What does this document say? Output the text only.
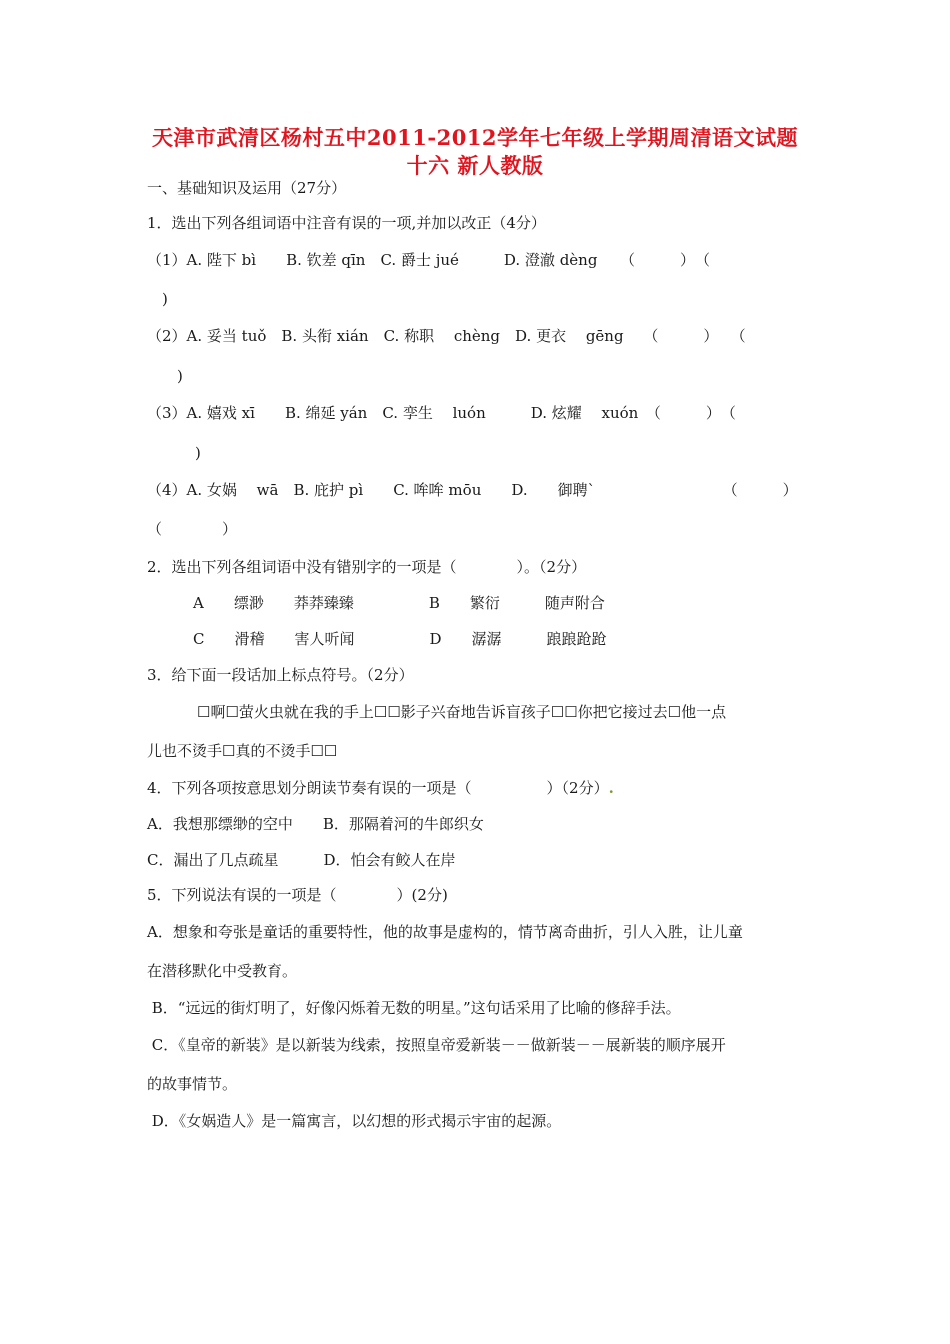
天津市武清区杨村五中2011-2012学年七年级上学期周清语文试题
十六 新人教版
一、基础知识及运用（27分）
1．选出下列各组词语中注音有误的一项,并加以改正（4分）
（1）A. 陛下 bì　　B. 钦差 qīn　C. 爵士 jué　　　D. 澄澈 dèng　　（　　　）　（
)
（2）A. 妥当 tuǒ　B. 头衔 xián　C. 称职　 chèng　D. 更衣　 gēng　 （　　　）　 （
)
（3）A. 嬉戏 xī　　B. 绵延 yán　C. 孪生　 luón　　　D. 炫耀　 xuón　（　　　）　（
)
（4）A. 女娲　 wā　B. 庇护 pì　　C. 哞哞 mōu　　D.　　御聘`　　　　　　　　　（　　　）
（　　　　）
2．选出下列各组词语中没有错别字的一项是（　　　　）。（2分）
A　　缥渺　　莽莽臻臻　　　　　B　　繁衍　　　随声附合
C　　滑稽　　害人听闻　　　　　D　　潺潺　　　踉踉跄跄
3．给下面一段话加上标点符号。（2分）
☐啊☐萤火虫就在我的手上☐☐影子兴奋地告诉盲孩子☐☐你把它接过去☐他一点
儿也不烫手☐真的不烫手☐☐
4．下列各项按意思划分朗读节奏有误的一项是（　　　　　）（2分）.
A．我想那缥缈的空中　　B．那隔着河的牛郎织女
C．漏出了几点疏星　　　D．怕会有鲛人在岸
5．下列说法有误的一项是（　　　　）(2分)
A．想象和夸张是童话的重要特性，他的故事是虚构的，情节离奇曲折，引人入胜，让儿童
在潜移默化中受教育。
B．“远远的街灯明了，好像闪烁着无数的明星。”这句话采用了比喻的修辞手法。
C．《皇帝的新装》是以新装为线索，按照皇帝爱新装－－做新装－－展新装的顺序展开
的故事情节。
D．《女娲造人》是一篇寓言，以幻想的形式揭示宇宙的起源。
